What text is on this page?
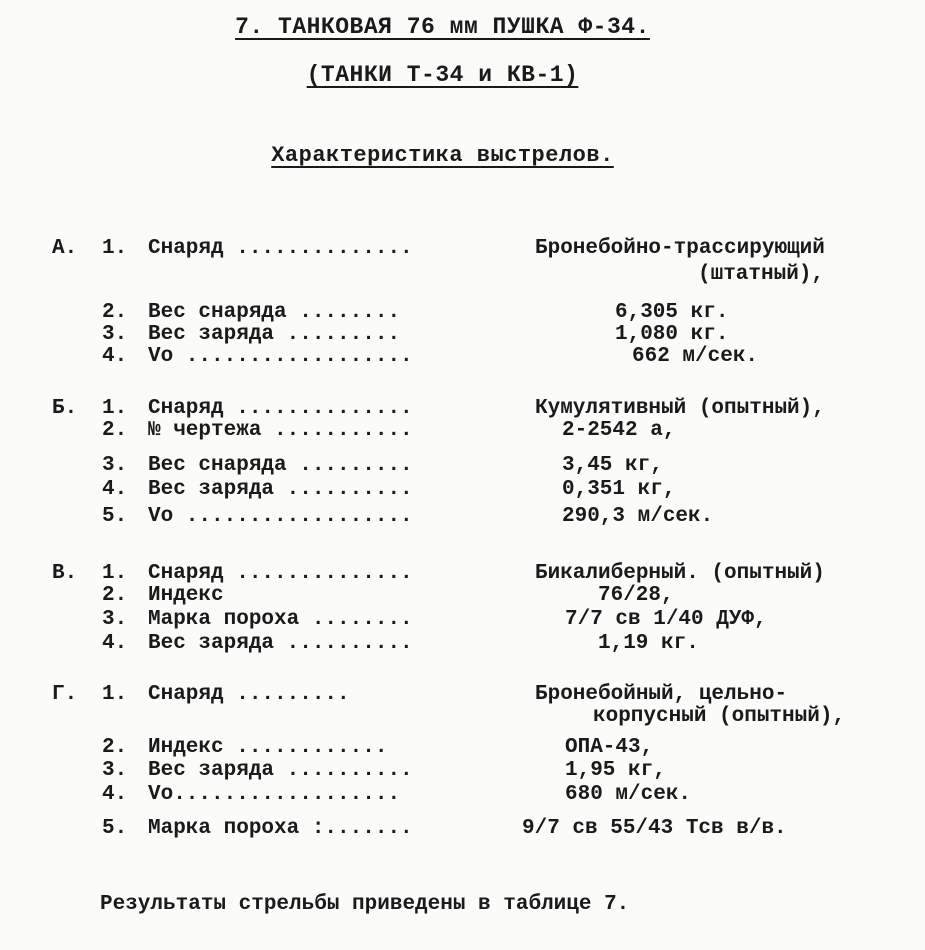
7. ТАНКОВАЯ 76 мм ПУШКА Ф-34.
(ТАНКИ Т-34 и КВ-1)
Характеристика выстрелов.
А. 1. Снаряд ..............	Бронебойно-трассирующий
(штатный),
2. Вес снаряда ........	6,305 кг.
3. Вес заряда .........	1,080 кг.
4. Vо ..................	662 м/сек.
Б. 1. Снаряд ..............	Кумулятивный (опытный),
2. № чертежа ...........	2-2542 а,
3. Вес снаряда .........	3,45 кг,
4. Вес заряда ..........	0,351 кг,
5. Vо ..................	290,3 м/сек.
В. 1. Снаряд ..............	Бикалиберный. (опытный)
2. Индекс	76/28,
3. Марка пороха ........	7/7 св 1/40 ДУФ,
4. Вес заряда ..........	1,19 кг.
Г. 1. Снаряд .........	Бронебойный, цельно-
корпусный (опытный),
2. Индекс ............	ОПА-43,
3. Вес заряда ..........	1,95 кг,
4. Vо..................	680 м/сек.
5. Марка пороха :.......	9/7 св 55/43 Тсв в/в.
Результаты стрельбы приведены в таблице 7.
